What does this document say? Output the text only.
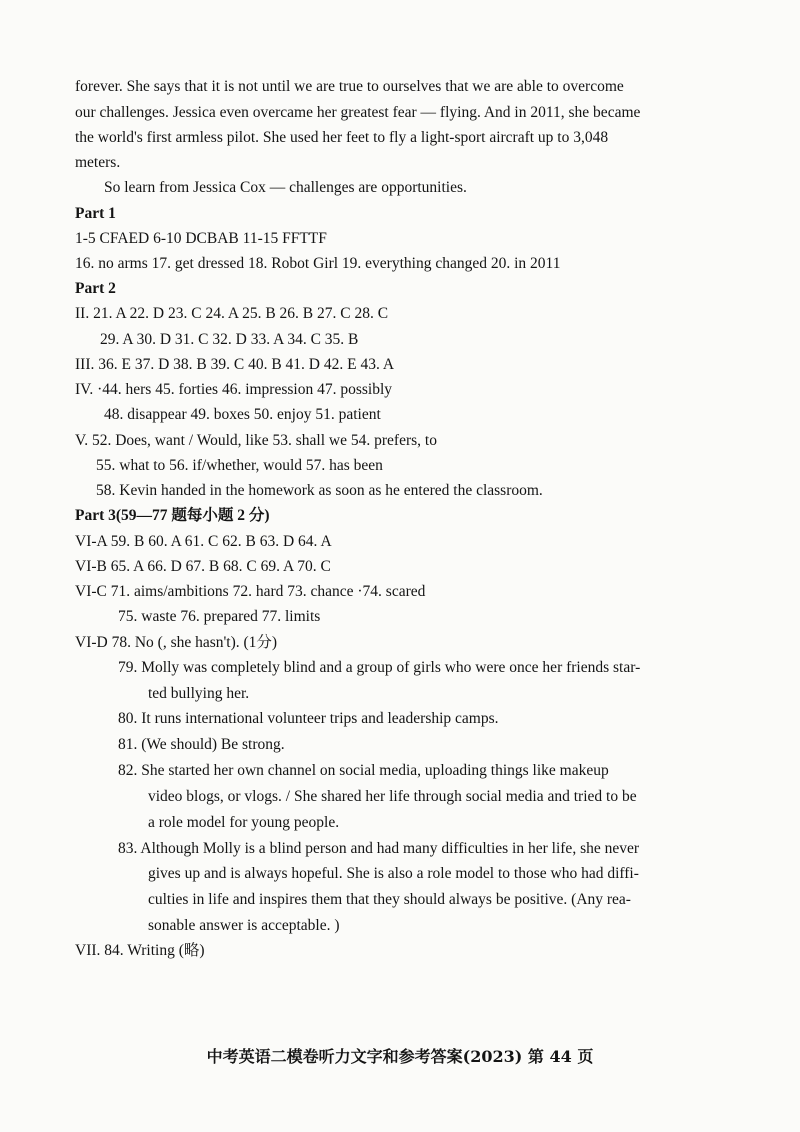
forever. She says that it is not until we are true to ourselves that we are able to overcome
our challenges. Jessica even overcame her greatest fear — flying. And in 2011, she became
the world's first armless pilot. She used her feet to fly a light-sport aircraft up to 3,048
meters.
So learn from Jessica Cox — challenges are opportunities.
Part 1
1-5 CFAED 6-10 DCBAB 11-15 FFTTF
16. no arms 17. get dressed 18. Robot Girl 19. everything changed 20. in 2011
Part 2
II. 21. A 22. D 23. C 24. A 25. B 26. B 27. C 28. C
29. A 30. D 31. C 32. D 33. A 34. C 35. B
III. 36. E 37. D 38. B 39. C 40. B 41. D 42. E 43. A
IV. ·44. hers 45. forties 46. impression 47. possibly
48. disappear 49. boxes 50. enjoy 51. patient
V. 52. Does, want / Would, like 53. shall we 54. prefers, to
55. what to 56. if/whether, would 57. has been
58. Kevin handed in the homework as soon as he entered the classroom.
Part 3(59—77 题每小题 2 分)
VI-A 59. B 60. A 61. C 62. B 63. D 64. A
VI-B 65. A 66. D 67. B 68. C 69. A 70. C
VI-C 71. aims/ambitions 72. hard 73. chance ·74. scared
75. waste 76. prepared 77. limits
VI-D 78. No (, she hasn't). (1分)
79. Molly was completely blind and a group of girls who were once her friends star-
ted bullying her.
80. It runs international volunteer trips and leadership camps.
81. (We should) Be strong.
82. She started her own channel on social media, uploading things like makeup
video blogs, or vlogs. / She shared her life through social media and tried to be
a role model for young people.
83. Although Molly is a blind person and had many difficulties in her life, she never
gives up and is always hopeful. She is also a role model to those who had diffi-
culties in life and inspires them that they should always be positive. (Any rea-
sonable answer is acceptable. )
VII. 84. Writing (略)
中考英语二模卷听力文字和参考答案(2023) 第 44 页
